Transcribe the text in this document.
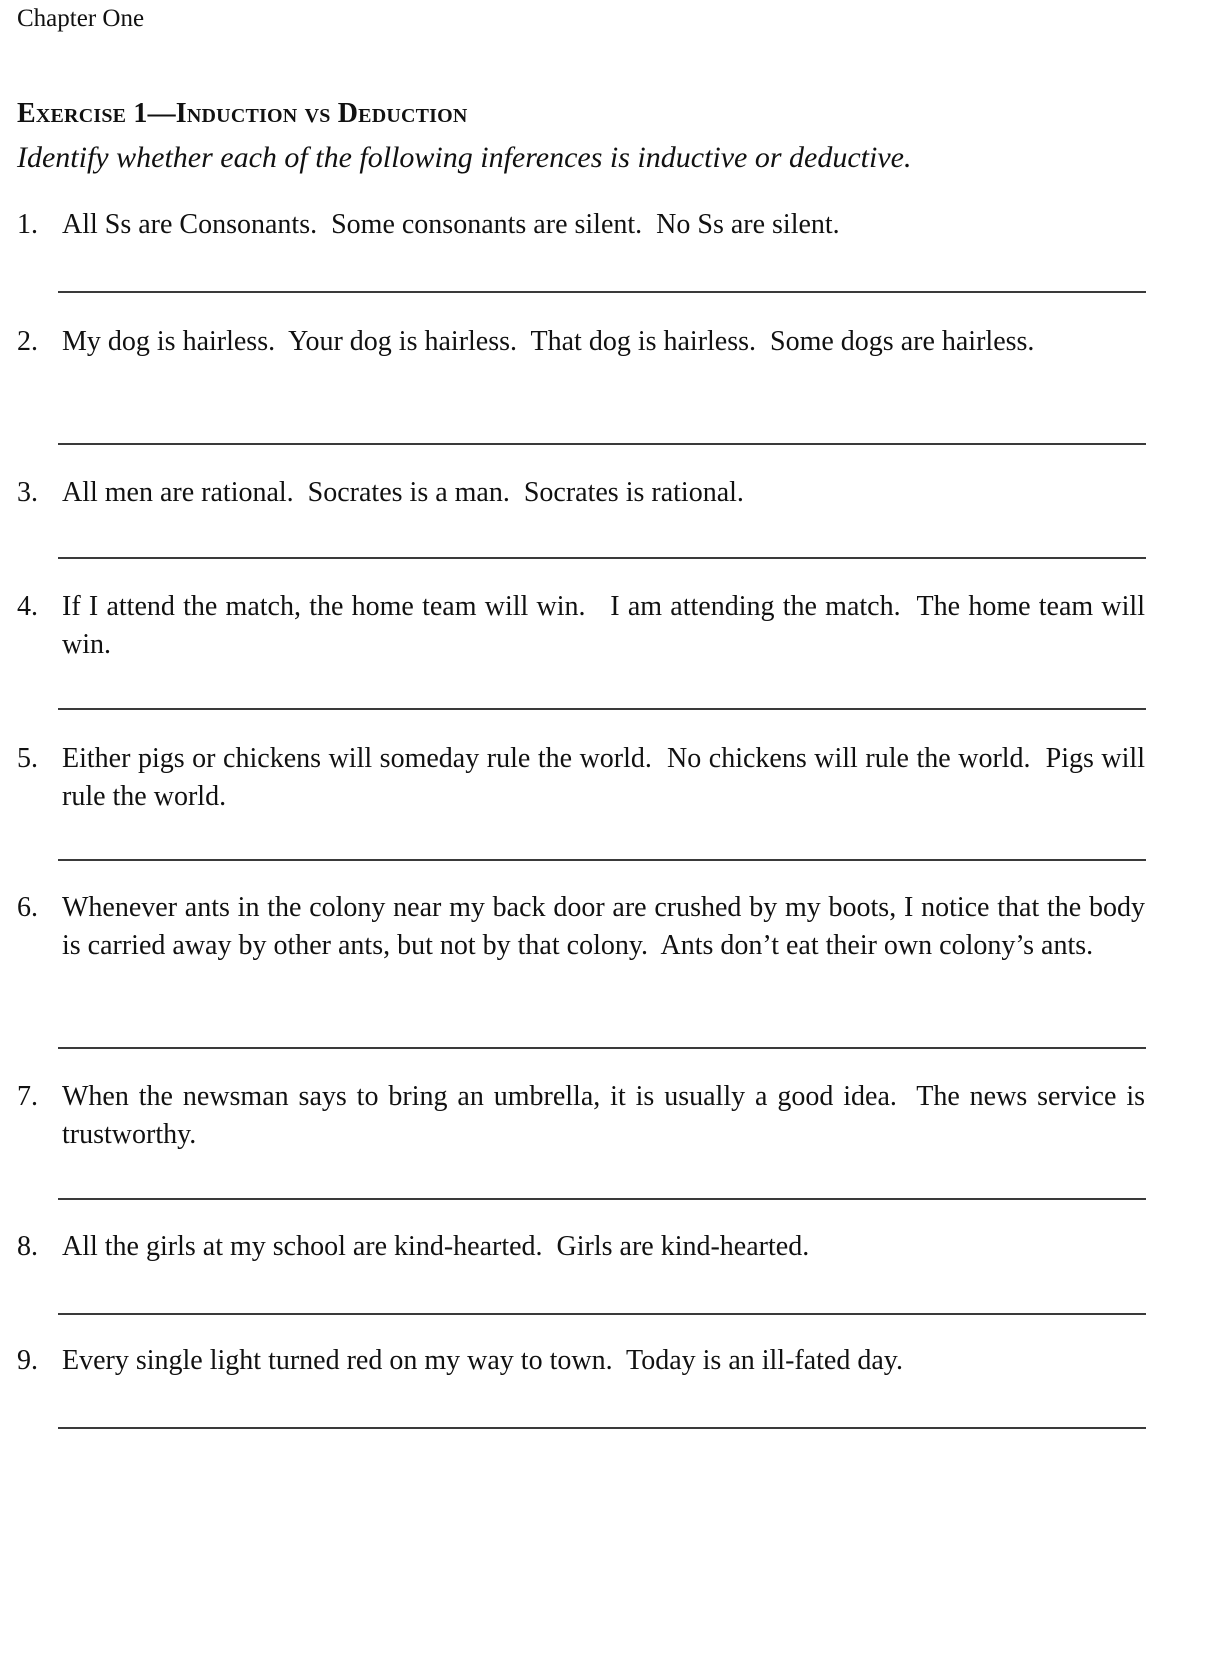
Chapter One
Exercise 1—Induction vs Deduction
Identify whether each of the following inferences is inductive or deductive.
1. All Ss are Consonants.  Some consonants are silent.  No Ss are silent.
2. My dog is hairless.  Your dog is hairless.  That dog is hairless.  Some dogs are hairless.
3. All men are rational.  Socrates is a man.  Socrates is rational.
4. If I attend the match, the home team will win.   I am attending the match.  The home team will win.
5. Either pigs or chickens will someday rule the world.  No chickens will rule the world.  Pigs will rule the world.
6. Whenever ants in the colony near my back door are crushed by my boots, I notice that the body is carried away by other ants, but not by that colony.  Ants don’t eat their own colony’s ants.
7. When the newsman says to bring an umbrella, it is usually a good idea.  The news service is trustworthy.
8. All the girls at my school are kind-hearted.  Girls are kind-hearted.
9. Every single light turned red on my way to town.  Today is an ill-fated day.
